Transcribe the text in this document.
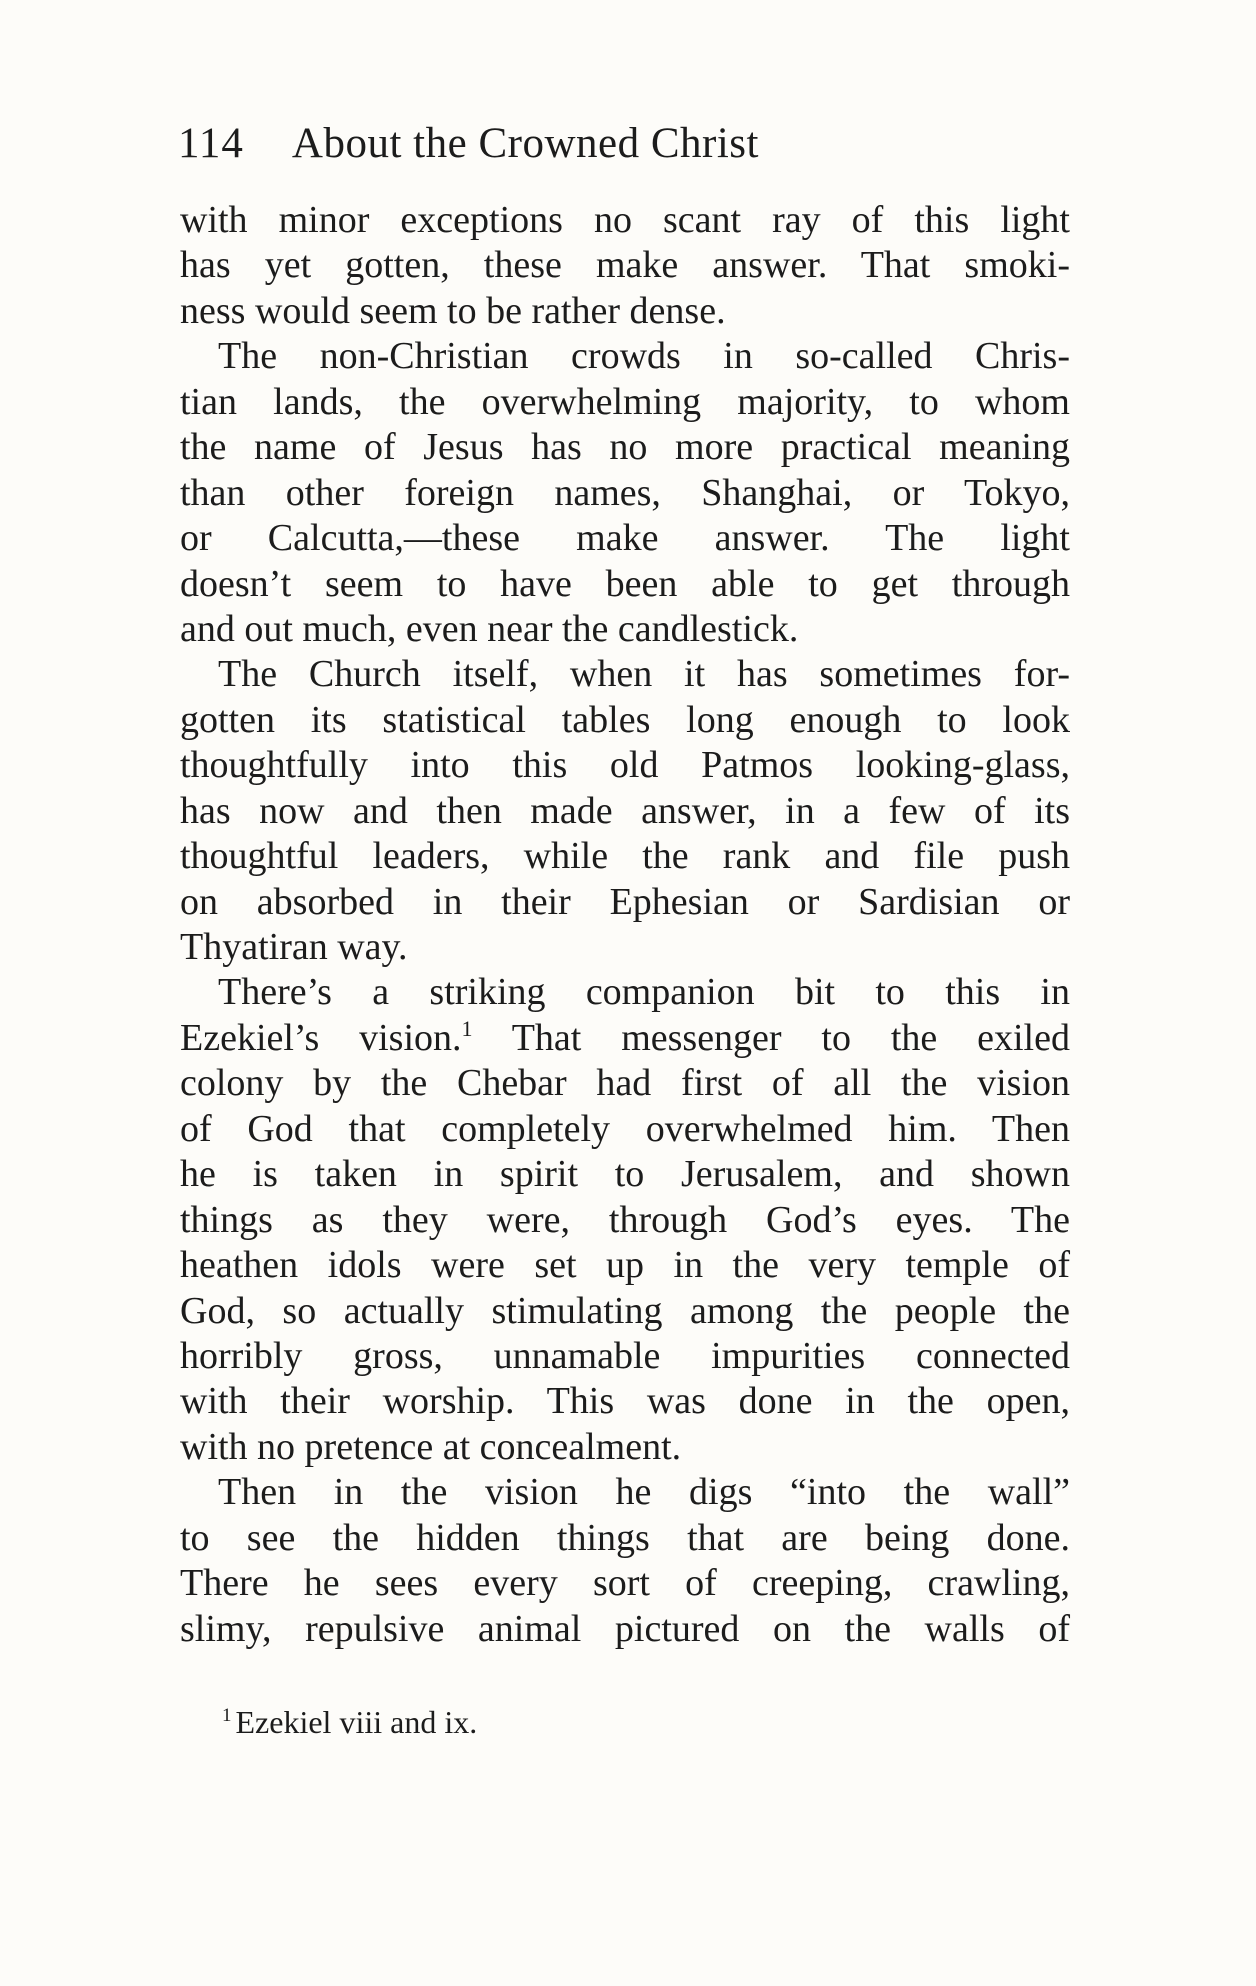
114 About the Crowned Christ
with minor exceptions no scant ray of this light
has yet gotten, these make answer. That smoki-
ness would seem to be rather dense.
The non-Christian crowds in so-called Chris-
tian lands, the overwhelming majority, to whom
the name of Jesus has no more practical meaning
than other foreign names, Shanghai, or Tokyo,
or Calcutta,—these make answer. The light
doesn’t seem to have been able to get through
and out much, even near the candlestick.
The Church itself, when it has sometimes for-
gotten its statistical tables long enough to look
thoughtfully into this old Patmos looking-glass,
has now and then made answer, in a few of its
thoughtful leaders, while the rank and file push
on absorbed in their Ephesian or Sardisian or
Thyatiran way.
There’s a striking companion bit to this in
Ezekiel’s vision.$^1$ That messenger to the exiled
colony by the Chebar had first of all the vision
of God that completely overwhelmed him. Then
he is taken in spirit to Jerusalem, and shown
things as they were, through God’s eyes. The
heathen idols were set up in the very temple of
God, so actually stimulating among the people the
horribly gross, unnamable impurities connected
with their worship. This was done in the open,
with no pretence at concealment.
Then in the vision he digs “into the wall”
to see the hidden things that are being done.
There he sees every sort of creeping, crawling,
slimy, repulsive animal pictured on the walls of
$^1$ Ezekiel viii and ix.
